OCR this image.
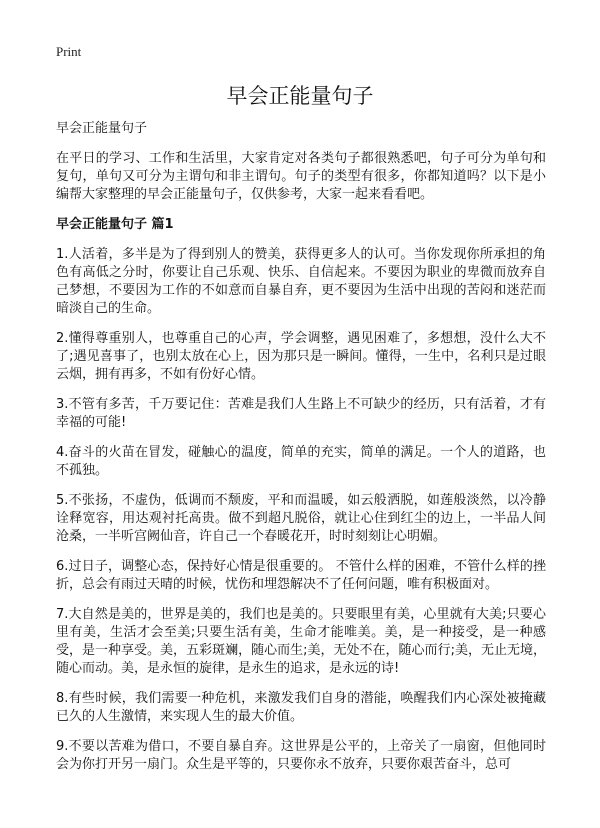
Print
早会正能量句子
早会正能量句子

在平日的学习、工作和生活里，大家肯定对各类句子都很熟悉吧，句子可分为单句和复句，单句又可分为主谓句和非主谓句。句子的类型有很多，你都知道吗？以下是小编帮大家整理的早会正能量句子，仅供参考，大家一起来看看吧。

早会正能量句子 篇1

1.人活着，多半是为了得到别人的赞美，获得更多人的认可。当你发现你所承担的角色有高低之分时，你要让自己乐观、快乐、自信起来。不要因为职业的卑微而放弃自己梦想，不要因为工作的不如意而自暴自弃，更不要因为生活中出现的苦闷和迷茫而暗淡自己的生命。

2.懂得尊重别人，也尊重自己的心声，学会调整，遇见困难了，多想想，没什么大不了;遇见喜事了，也别太放在心上，因为那只是一瞬间。懂得，一生中，名利只是过眼云烟，拥有再多，不如有份好心情。

3.不管有多苦，千万要记住：苦难是我们人生路上不可缺少的经历，只有活着，才有幸福的可能!

4.奋斗的火苗在冒发，碰触心的温度，简单的充实，简单的满足。一个人的道路，也不孤独。

5.不张扬，不虚伪，低调而不颓废，平和而温暖，如云般洒脱，如莲般淡然，以冷静诠释宽容，用达观衬托高贵。做不到超凡脱俗，就让心住到红尘的边上，一半品人间沧桑，一半听宫阙仙音，许自己一个春暖花开，时时刻刻让心明媚。

6.过日子，调整心态，保持好心情是很重要的。 不管什么样的困难，不管什么样的挫折，总会有雨过天晴的时候，忧伤和埋怨解决不了任何问题，唯有积极面对。

7.大自然是美的，世界是美的，我们也是美的。只要眼里有美，心里就有大美;只要心里有美，生活才会至美;只要生活有美，生命才能唯美。美，是一种接受，是一种感受，是一种享受。美，五彩斑斓，随心而生;美，无处不在，随心而行;美，无止无境，随心而动。美，是永恒的旋律，是永生的追求，是永远的诗!

8.有些时候，我们需要一种危机，来激发我们自身的潜能，唤醒我们内心深处被掩藏已久的人生激情，来实现人生的最大价值。

9.不要以苦难为借口，不要自暴自弃。这世界是公平的，上帝关了一扇窗，但他同时会为你打开另一扇门。众生是平等的，只要你永不放弃，只要你艰苦奋斗，总可
